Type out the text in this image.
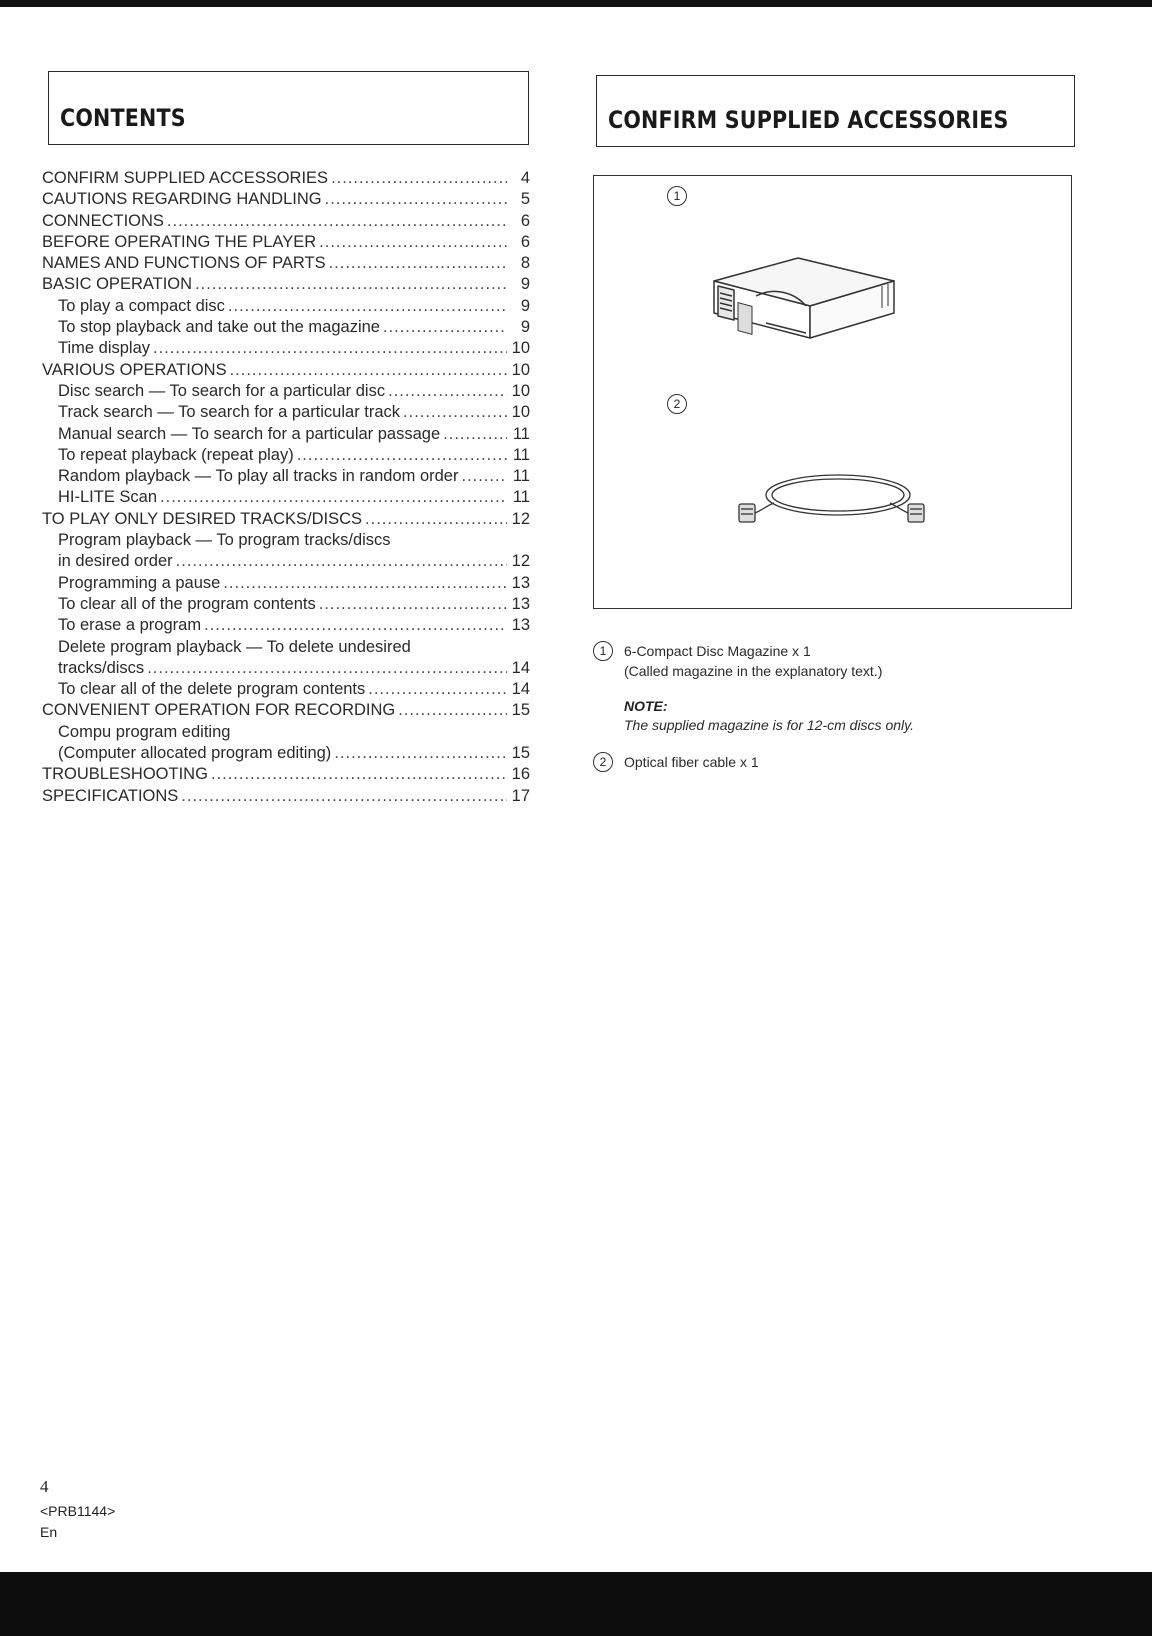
CONTENTS
CONFIRM SUPPLIED ACCESSORIES .....	4
CAUTIONS REGARDING HANDLING .....	5
CONNECTIONS .....	6
BEFORE OPERATING THE PLAYER .....	6
NAMES AND FUNCTIONS OF PARTS .....	8
BASIC OPERATION .....	9
To play a compact disc .....	9
To stop playback and take out the magazine .....	9
Time display .....	10
VARIOUS OPERATIONS .....	10
Disc search — To search for a particular disc .....	10
Track search — To search for a particular track .....	10
Manual search — To search for a particular passage .....	11
To repeat playback (repeat play) .....	11
Random playback — To play all tracks in random order .....	11
HI-LITE Scan .....	11
TO PLAY ONLY DESIRED TRACKS/DISCS .....	12
Program playback — To program tracks/discs
in desired order .....	12
Programming a pause .....	13
To clear all of the program contents .....	13
To erase a program .....	13
Delete program playback — To delete undesired
tracks/discs .....	14
To clear all of the delete program contents .....	14
CONVENIENT OPERATION FOR RECORDING .....	15
Compu program editing
(Computer allocated program editing) .....	15
TROUBLESHOOTING .....	16
SPECIFICATIONS .....	17
CONFIRM SUPPLIED ACCESSORIES
1
2
1	6-Compact Disc Magazine x 1
(Called magazine in the explanatory text.)
NOTE:
The supplied magazine is for 12-cm discs only.
2	Optical fiber cable x 1
4
<PRB1144>
En
